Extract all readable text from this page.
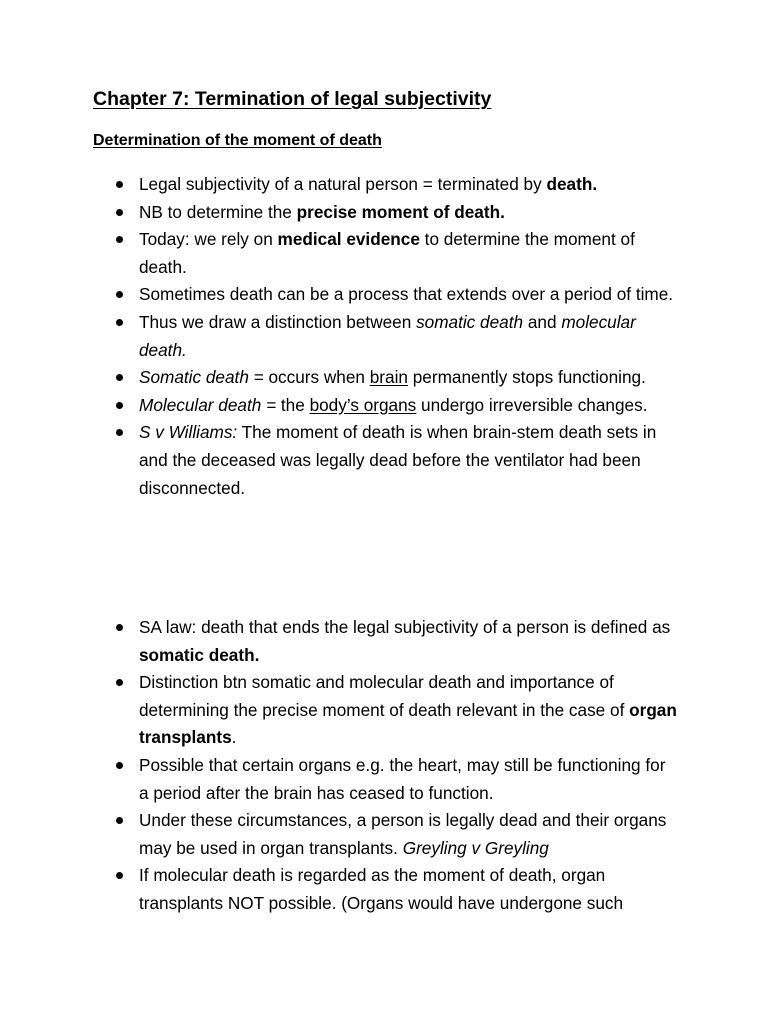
Chapter 7: Termination of legal subjectivity
Determination of the moment of death
Legal subjectivity of a natural person = terminated by death.
NB to determine the precise moment of death.
Today: we rely on medical evidence to determine the moment of death.
Sometimes death can be a process that extends over a period of time.
Thus we draw a distinction between somatic death and molecular death.
Somatic death = occurs when brain permanently stops functioning.
Molecular death = the body’s organs undergo irreversible changes.
S v Williams: The moment of death is when brain-stem death sets in and the deceased was legally dead before the ventilator had been disconnected.
SA law: death that ends the legal subjectivity of a person is defined as somatic death.
Distinction btn somatic and molecular death and importance of determining the precise moment of death relevant in the case of organ transplants.
Possible that certain organs e.g. the heart, may still be functioning for a period after the brain has ceased to function.
Under these circumstances, a person is legally dead and their organs may be used in organ transplants. Greyling v Greyling
If molecular death is regarded as the moment of death, organ transplants NOT possible. (Organs would have undergone such
